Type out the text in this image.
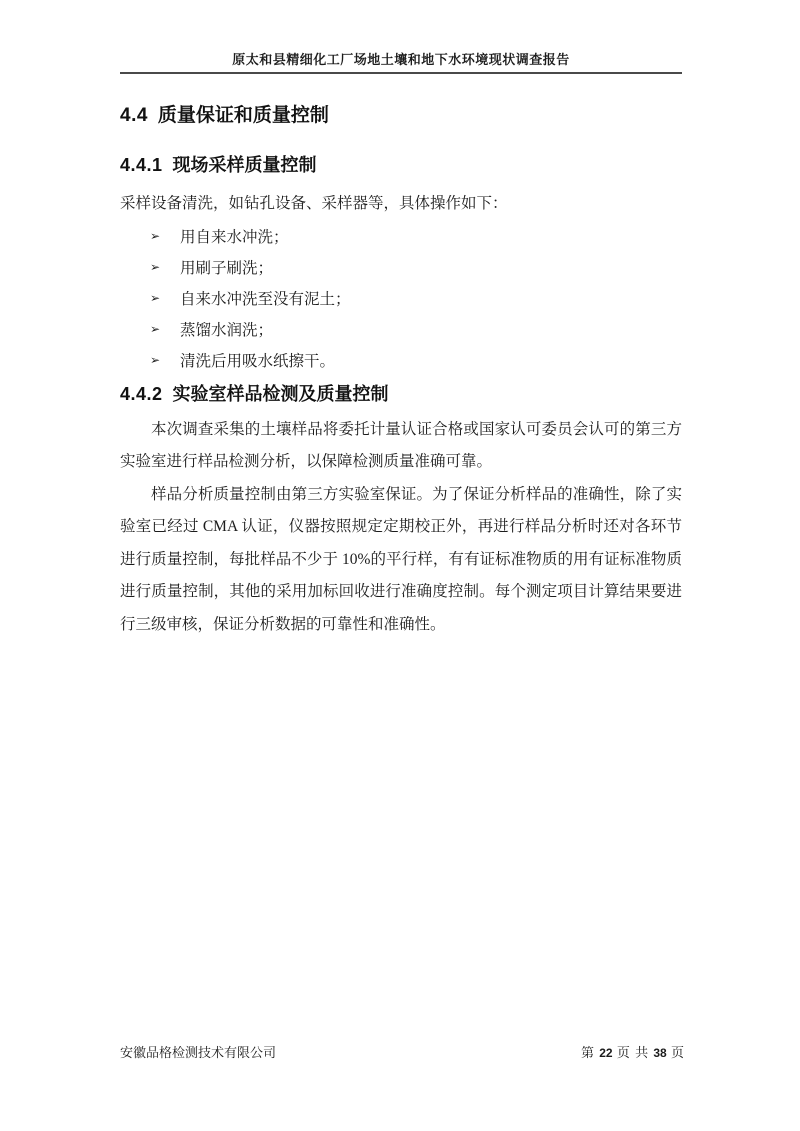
原太和县精细化工厂场地土壤和地下水环境现状调查报告
4.4 质量保证和质量控制
4.4.1 现场采样质量控制

采样设备清洗，如钻孔设备、采样器等，具体操作如下：

➢	用自来水冲洗；
➢	用刷子刷洗；
➢	自来水冲洗至没有泥土；
➢	蒸馏水润洗；
➢	清洗后用吸水纸擦干。
4.4.2 实验室样品检测及质量控制

本次调查采集的土壤样品将委托计量认证合格或国家认可委员会认可的第三方实验室进行样品检测分析，以保障检测质量准确可靠。

样品分析质量控制由第三方实验室保证。为了保证分析样品的准确性，除了实验室已经过 CMA 认证，仪器按照规定定期校正外，再进行样品分析时还对各环节进行质量控制，每批样品不少于 10%的平行样，有有证标准物质的用有证标准物质进行质量控制，其他的采用加标回收进行准确度控制。每个测定项目计算结果要进行三级审核，保证分析数据的可靠性和准确性。

安徽品格检测技术有限公司	第 22 页 共 38 页
